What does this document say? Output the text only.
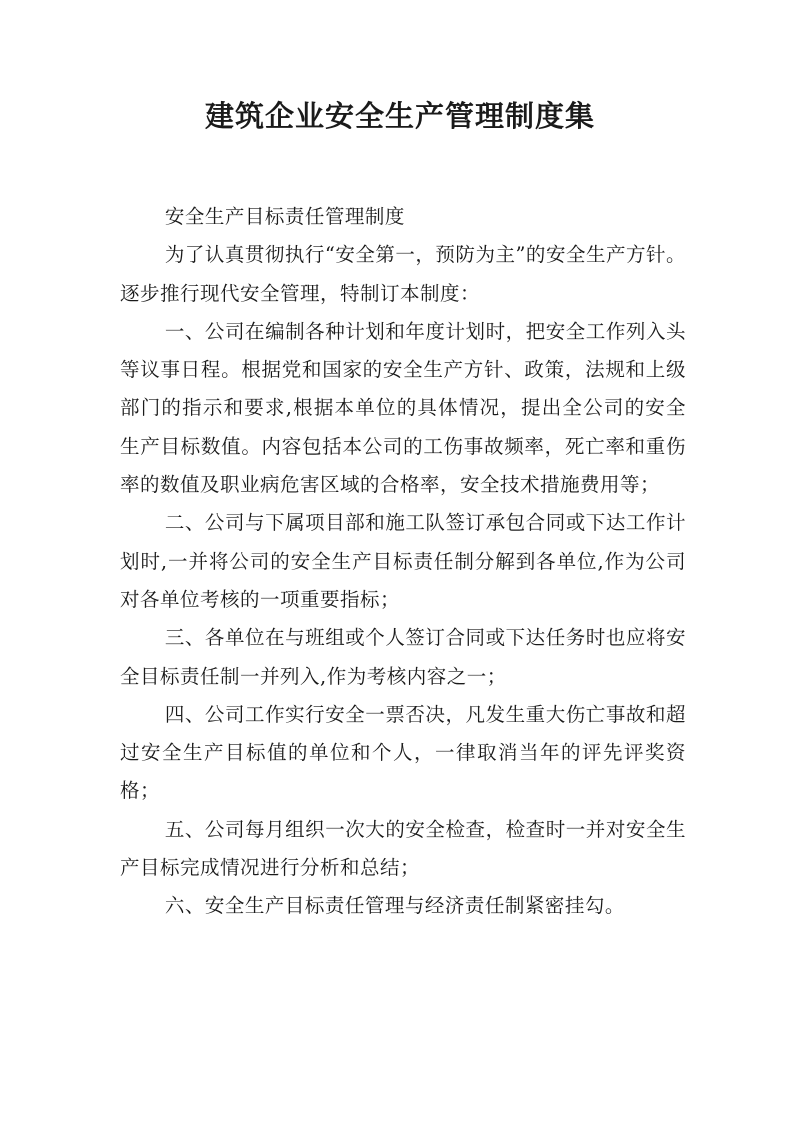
建筑企业安全生产管理制度集

安全生产目标责任管理制度

为了认真贯彻执行“安全第一，预防为主”的安全生产方针。逐步推行现代安全管理，特制订本制度：

一、公司在编制各种计划和年度计划时，把安全工作列入头等议事日程。根据党和国家的安全生产方针、政策，法规和上级部门的指示和要求,根据本单位的具体情况，提出全公司的安全生产目标数值。内容包括本公司的工伤事故频率，死亡率和重伤率的数值及职业病危害区域的合格率，安全技术措施费用等；

二、公司与下属项目部和施工队签订承包合同或下达工作计划时,一并将公司的安全生产目标责任制分解到各单位,作为公司对各单位考核的一项重要指标；

三、各单位在与班组或个人签订合同或下达任务时也应将安全目标责任制一并列入,作为考核内容之一；

四、公司工作实行安全一票否决，凡发生重大伤亡事故和超过安全生产目标值的单位和个人，一律取消当年的评先评奖资格；

五、公司每月组织一次大的安全检查，检查时一并对安全生产目标完成情况进行分析和总结；

六、安全生产目标责任管理与经济责任制紧密挂勾。
